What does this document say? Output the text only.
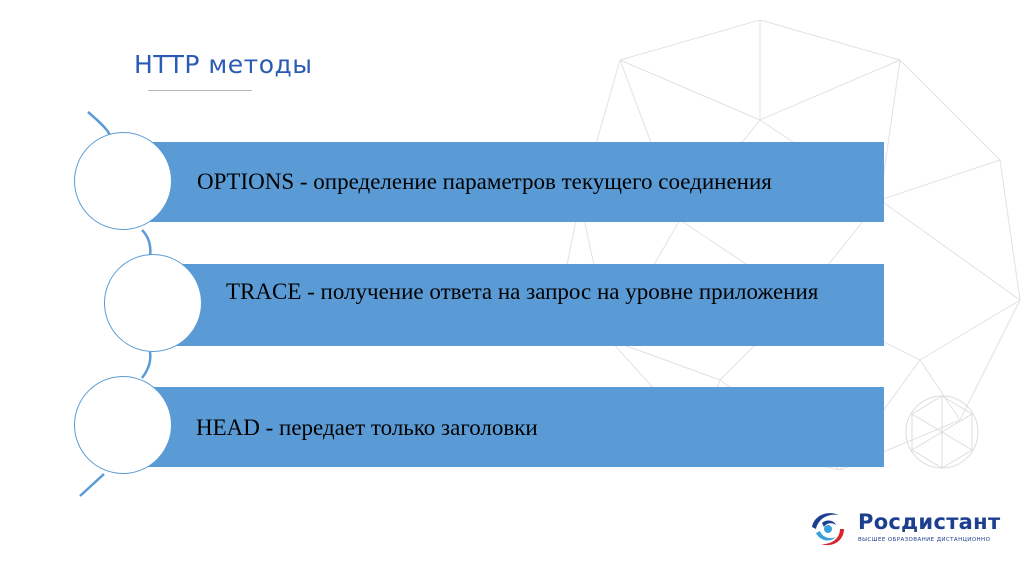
HTTP методы
OPTIONS - определение параметров текущего соединения
TRACE - получение ответа на запрос на уровне приложения
HEAD - передает только заголовки
Росдистант
ВЫСШЕЕ ОБРАЗОВАНИЕ ДИСТАНЦИОННО
